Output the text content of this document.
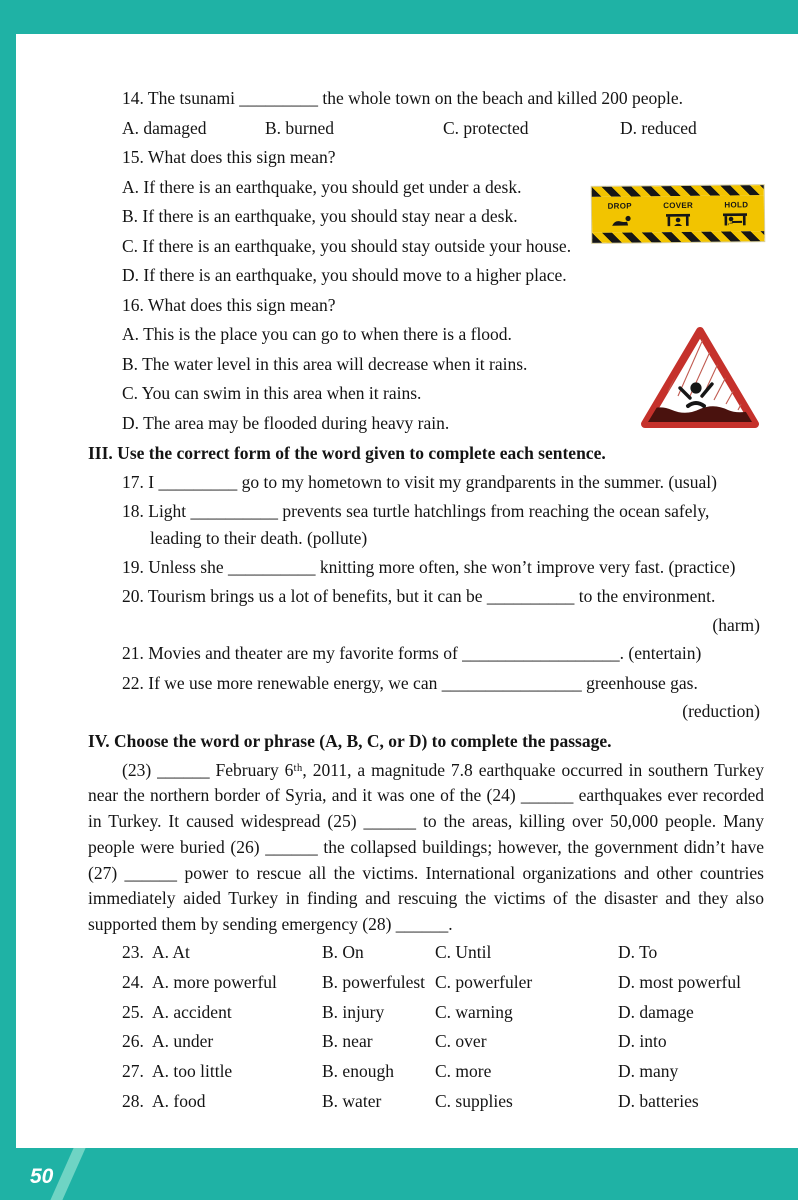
50
DROP	COVER	HOLD
14. The tsunami _________ the whole town on the beach and killed 200 people.
A. damaged	B. burned	C. protected	D. reduced
15. What does this sign mean?
A. If there is an earthquake, you should get under a desk.
B. If there is an earthquake, you should stay near a desk.
C. If there is an earthquake, you should stay outside your house.
D. If there is an earthquake, you should move to a higher place.
16. What does this sign mean?
A. This is the place you can go to when there is a flood.
B. The water level in this area will decrease when it rains.
C. You can swim in this area when it rains.
D. The area may be flooded during heavy rain.
III. Use the correct form of the word given to complete each sentence.
17. I _________ go to my hometown to visit my grandparents in the summer. (usual)
18. Light __________ prevents sea turtle hatchlings from reaching the ocean safely, leading to their death. (pollute)
19. Unless she __________ knitting more often, she won’t improve very fast. (practice)
20. Tourism brings us a lot of benefits, but it can be __________ to the environment.
(harm)
21. Movies and theater are my favorite forms of __________________. (entertain)
22. If we use more renewable energy, we can ________________ greenhouse gas.
(reduction)
IV. Choose the word or phrase (A, B, C, or D) to complete the passage.
(23) ______ February 6ᵗʰ, 2011, a magnitude 7.8 earthquake occurred in southern Turkey near the northern border of Syria, and it was one of the (24) ______ earthquakes ever recorded in Turkey. It caused widespread (25) ______ to the areas, killing over 50,000 people. Many people were buried (26) ______ the collapsed buildings; however, the government didn’t have (27) ______ power to rescue all the victims. International organizations and other countries immediately aided Turkey in finding and rescuing the victims of the disaster and they also supported them by sending emergency (28) ______.
23. A. At	B. On	C. Until	D. To
24. A. more powerful	B. powerfulest C. powerfuler	D. most powerful
25. A. accident	B. injury	C. warning	D. damage
26. A. under	B. near	C. over	D. into
27. A. too little	B. enough	C. more	D. many
28. A. food	B. water	C. supplies	D. batteries
